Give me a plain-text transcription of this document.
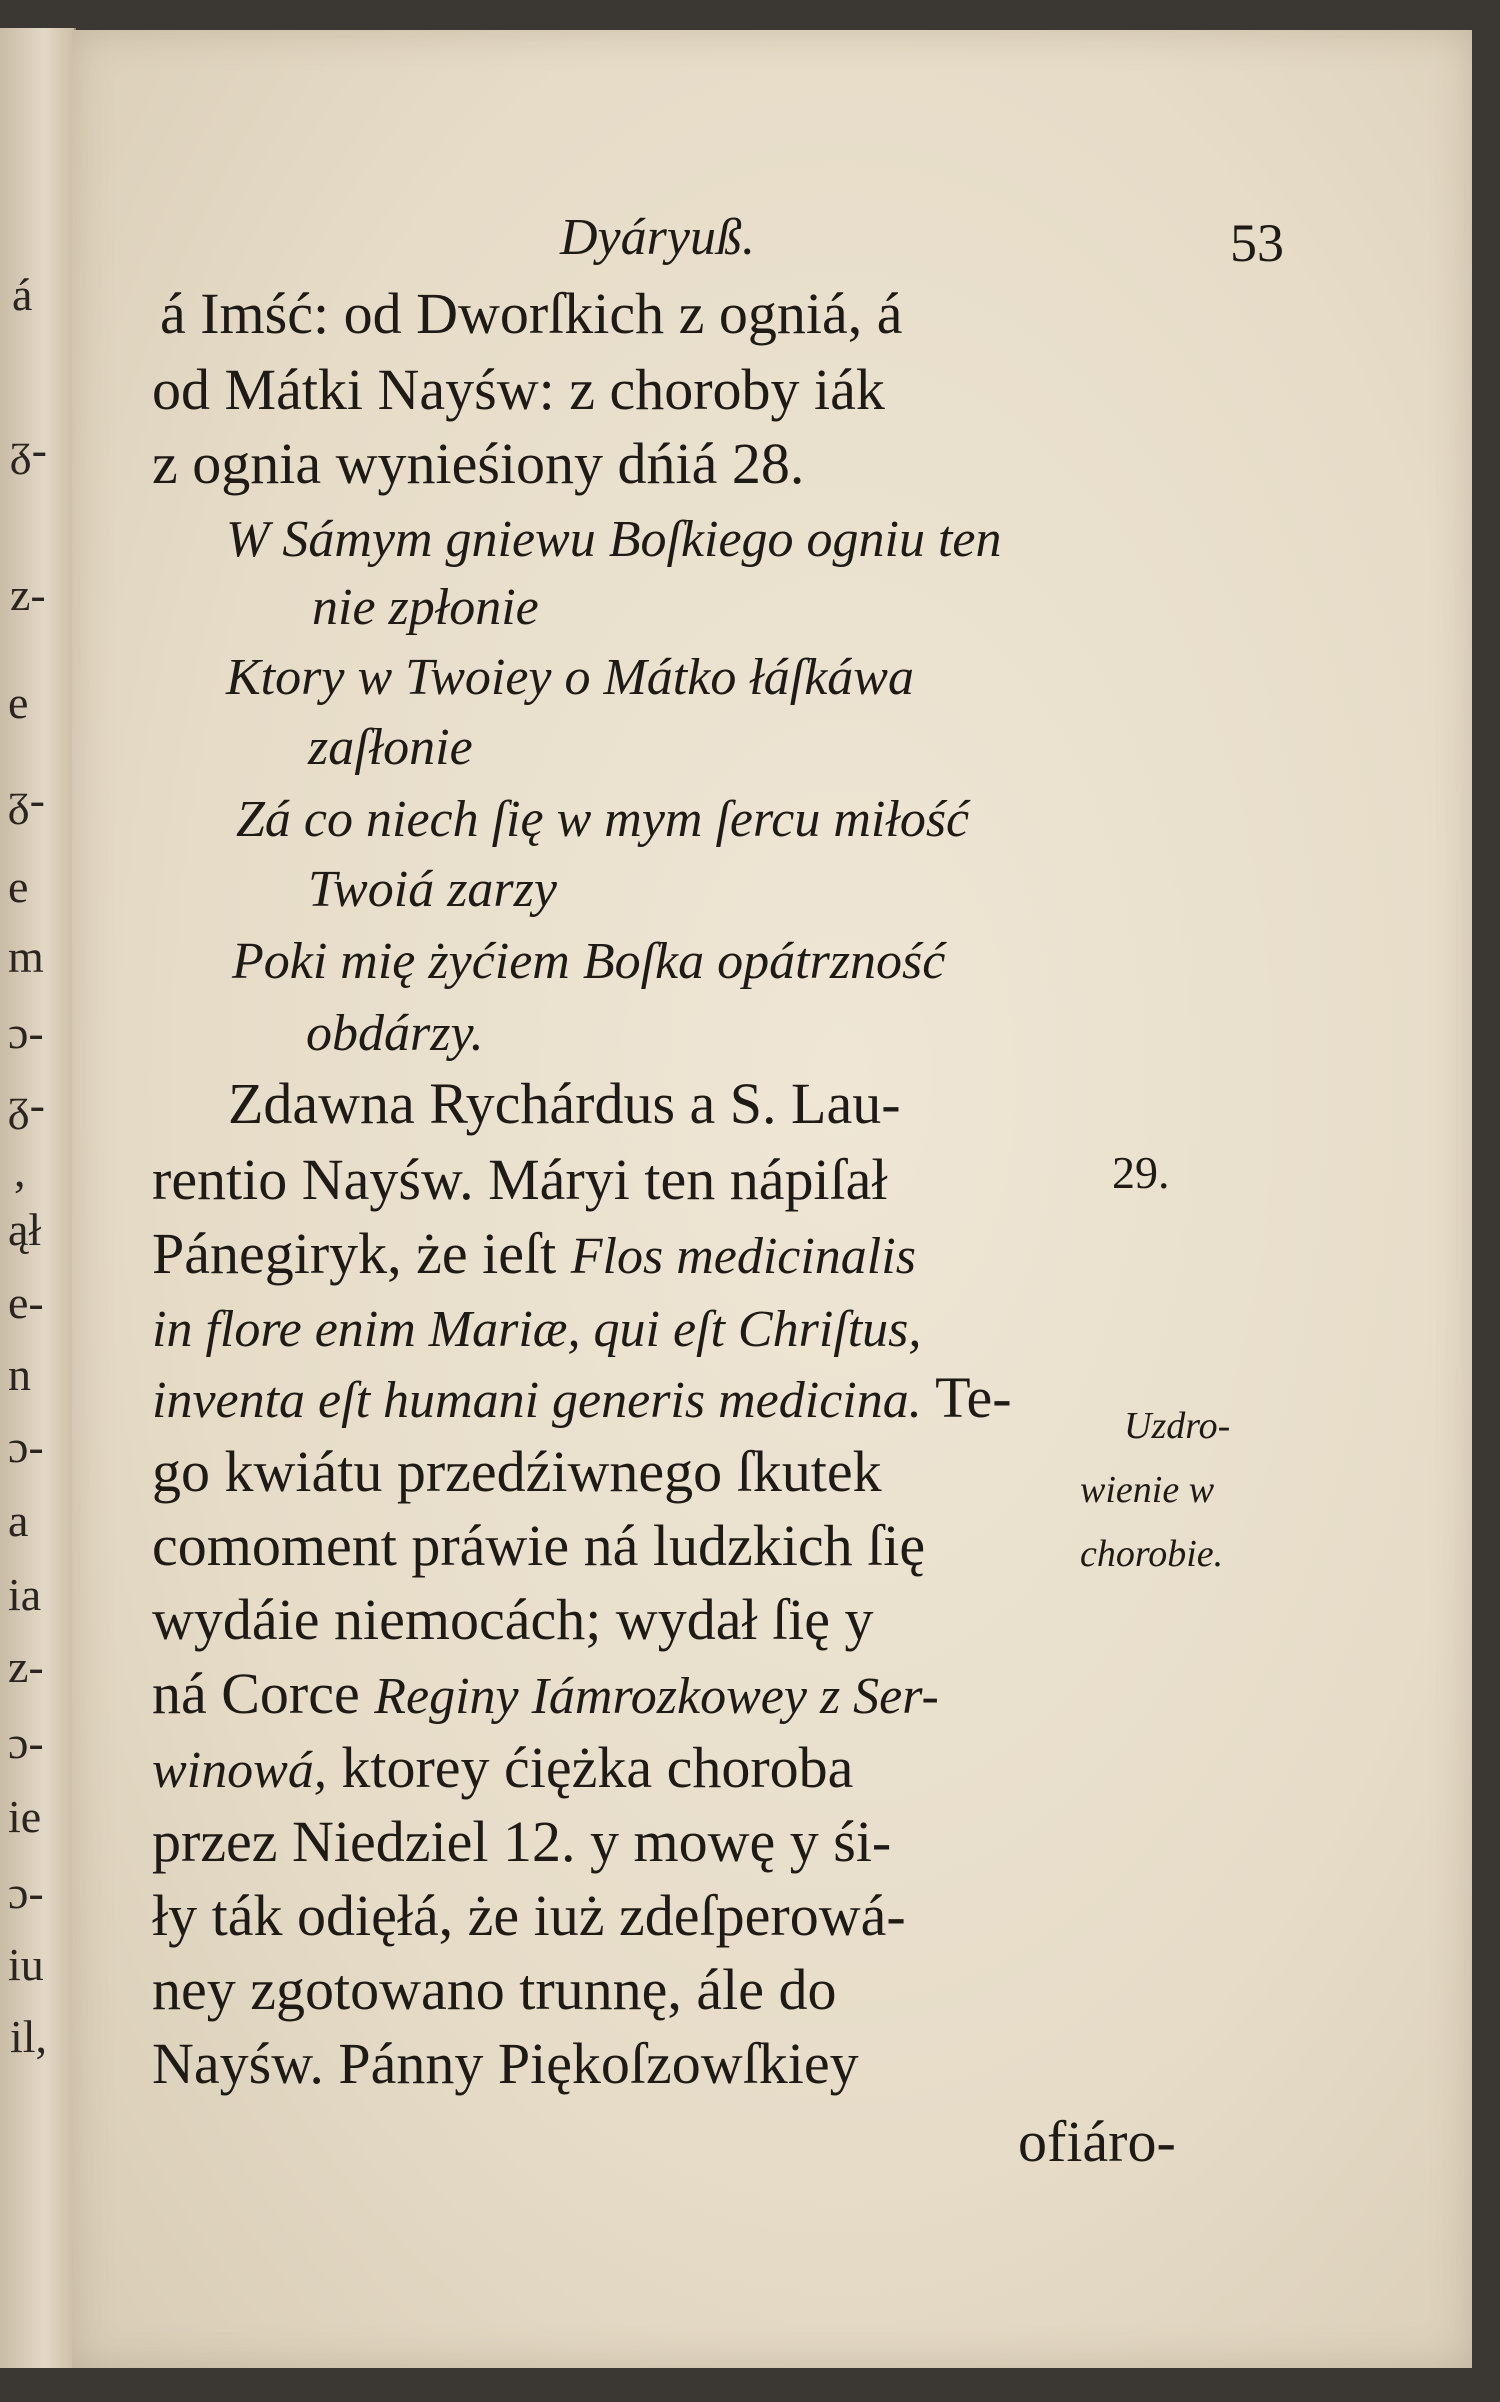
á
ᵹ-
z-
e
ᵹ-
e
m
ɔ-
ᵹ-
,
ął
e-
n
ɔ-
a
ia
z-
ɔ-
ie
ɔ-
iu
il,
Dyáryuß.	53
á Imść: od Dworſkich z ogniá, á
od Mátki Nayśw: z choroby iák
z ognia wynieśiony dńiá 28.
W Sámym gniewu Boſkiego ogniu ten
nie zpłonie
Ktory w Twoiey o Mátko łáſkáwa
zaſłonie
Zá co niech ſię w mym ſercu miłość
Twoiá zarzy
Poki mię żyćiem Boſka opátrzność
obdárzy.
Zdawna Rychárdus a S. Lau-
rentio Nayśw. Máryi ten nápiſał
Pánegiryk, że ieſt Flos medicinalis
in flore enim Mariæ, qui eſt Chriſtus,
inventa eſt humani generis medicina. Te-
go kwiátu przedźiwnego ſkutek
comoment práwie ná ludzkich ſię
wydáie niemocách; wydał ſię y
ná Corce Reginy Iámrozkowey z Ser-
winowá, ktorey ćiężka choroba
przez Niedziel 12. y mowę y śi-
ły ták odięłá, że iuż zdeſperowá-
ney zgotowano trunnę, ále do
Nayśw. Pánny Piękoſzowſkiey
ofiáro-
29.
Uzdro-
wienie w
chorobie.
